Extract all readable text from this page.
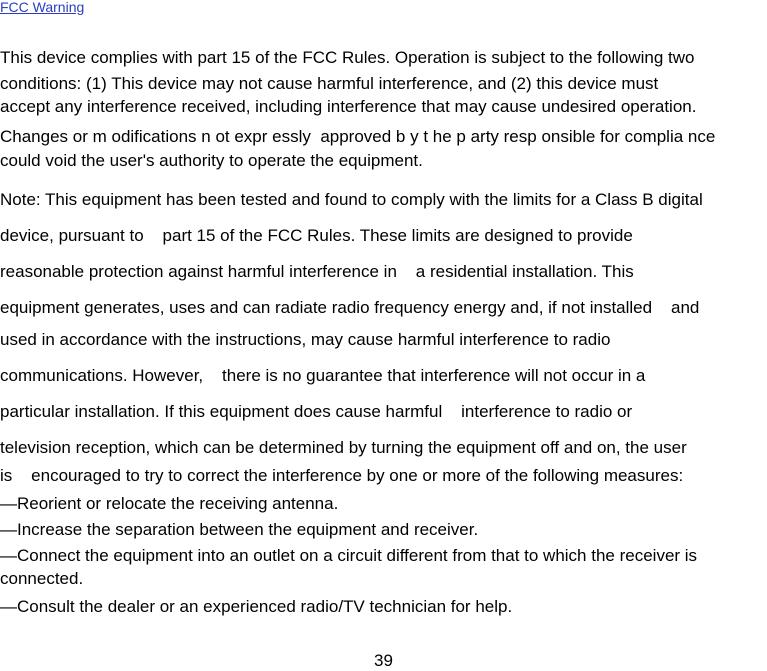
FCC Warning
This device complies with part 15 of the FCC Rules. Operation is subject to the following two
conditions: (1) This device may not cause harmful interference, and (2) this device must
accept any interference received, including interference that may cause undesired operation.
Changes or m odifications n ot expr essly  approved b y t he p arty resp onsible for complia nce
could void the user's authority to operate the equipment.
Note: This equipment has been tested and found to comply with the limits for a Class B digital
device, pursuant to    part 15 of the FCC Rules. These limits are designed to provide
reasonable protection against harmful interference in    a residential installation. This
equipment generates, uses and can radiate radio frequency energy and, if not installed    and
used in accordance with the instructions, may cause harmful interference to radio
communications. However,    there is no guarantee that interference will not occur in a
particular installation. If this equipment does cause harmful    interference to radio or
television reception, which can be determined by turning the equipment off and on, the user
is    encouraged to try to correct the interference by one or more of the following measures:
—Reorient or relocate the receiving antenna.
—Increase the separation between the equipment and receiver.
—Connect the equipment into an outlet on a circuit different from that to which the receiver is
connected.
—Consult the dealer or an experienced radio/TV technician for help.
39
